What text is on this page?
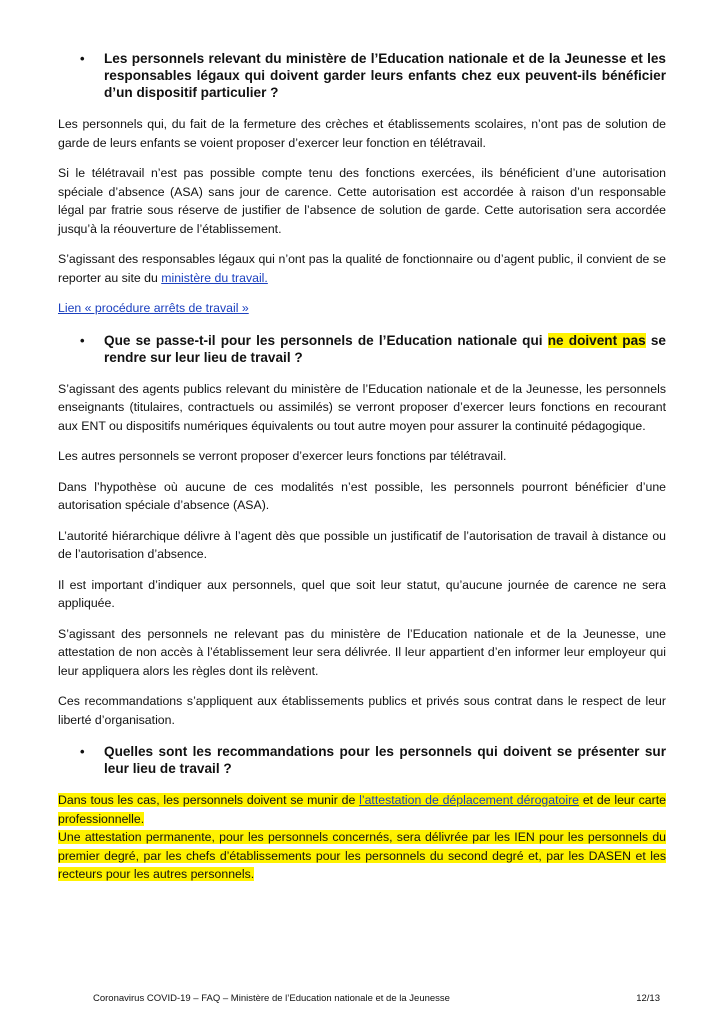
•	Les personnels relevant du ministère de l’Education nationale et de la Jeunesse et les responsables légaux qui doivent garder leurs enfants chez eux peuvent-ils bénéficier d’un dispositif particulier ?

Les personnels qui, du fait de la fermeture des crèches et établissements scolaires, n’ont pas de solution de garde de leurs enfants se voient proposer d’exercer leur fonction en télétravail.

Si le télétravail n’est pas possible compte tenu des fonctions exercées, ils bénéficient d’une autorisation spéciale d’absence (ASA) sans jour de carence. Cette autorisation est accordée à raison d’un responsable légal par fratrie sous réserve de justifier de l’absence de solution de garde. Cette autorisation sera accordée jusqu’à la réouverture de l’établissement.

S’agissant des responsables légaux qui n’ont pas la qualité de fonctionnaire ou d’agent public, il convient de se reporter au site du ministère du travail.

Lien « procédure arrêts de travail »

•	Que se passe-t-il pour les personnels de l’Education nationale qui ne doivent pas se rendre sur leur lieu de travail ?

S’agissant des agents publics relevant du ministère de l’Education nationale et de la Jeunesse, les personnels enseignants (titulaires, contractuels ou assimilés) se verront proposer d’exercer leurs fonctions en recourant aux ENT ou dispositifs numériques équivalents ou tout autre moyen pour assurer la continuité pédagogique.

Les autres personnels se verront proposer d’exercer leurs fonctions par télétravail.

Dans l’hypothèse où aucune de ces modalités n’est possible, les personnels pourront bénéficier d’une autorisation spéciale d’absence (ASA).

L’autorité hiérarchique délivre à l’agent dès que possible un justificatif de l’autorisation de travail à distance ou de l’autorisation d’absence.

Il est important d’indiquer aux personnels, quel que soit leur statut, qu’aucune journée de carence ne sera appliquée.

S’agissant des personnels ne relevant pas du ministère de l’Education nationale et de la Jeunesse, une attestation de non accès à l’établissement leur sera délivrée. Il leur appartient d’en informer leur employeur qui leur appliquera alors les règles dont ils relèvent.

Ces recommandations s’appliquent aux établissements publics et privés sous contrat dans le respect de leur liberté d’organisation.

•	Quelles sont les recommandations pour les personnels qui doivent se présenter sur leur lieu de travail ?

Dans tous les cas, les personnels doivent se munir de l’attestation de déplacement dérogatoire et de leur carte professionnelle.

Une attestation permanente, pour les personnels concernés, sera délivrée par les IEN pour les personnels du premier degré, par les chefs d’établissements pour les personnels du second degré et, par les DASEN et les recteurs pour les autres personnels.

Coronavirus COVID-19 – FAQ – Ministère de l’Education nationale et de la Jeunesse	12/13
